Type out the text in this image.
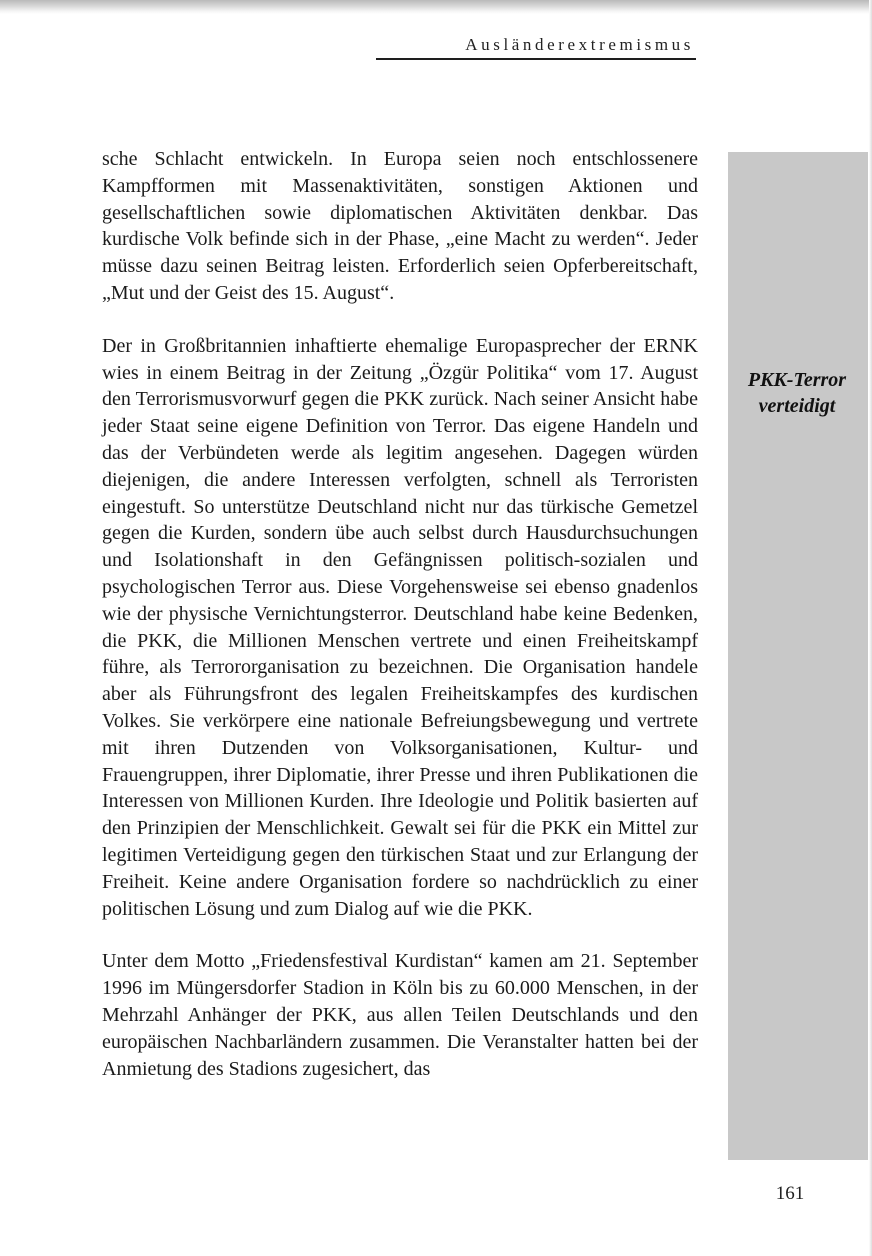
Ausländerextremismus
PKK-Terror
verteidigt

sche Schlacht entwickeln. In Europa seien noch entschlossenere Kampfformen mit Massenaktivitäten, sonstigen Aktionen und gesellschaftlichen sowie diplomatischen Aktivitäten denkbar. Das kurdische Volk befinde sich in der Phase, „eine Macht zu werden“. Jeder müsse dazu seinen Beitrag leisten. Erforderlich seien Opferbereitschaft, „Mut und der Geist des 15. August“.

Der in Großbritannien inhaftierte ehemalige Europasprecher der ERNK wies in einem Beitrag in der Zeitung „Özgür Politika“ vom 17. August den Terrorismusvorwurf gegen die PKK zurück. Nach seiner Ansicht habe jeder Staat seine eigene Definition von Terror. Das eigene Handeln und das der Verbündeten werde als legitim angesehen. Dagegen würden diejenigen, die andere Interessen verfolgten, schnell als Terroristen eingestuft. So unterstütze Deutschland nicht nur das türkische Gemetzel gegen die Kurden, sondern übe auch selbst durch Hausdurchsuchungen und Isolationshaft in den Gefängnissen politisch-sozialen und psychologischen Terror aus. Diese Vorgehensweise sei ebenso gnadenlos wie der physische Vernichtungsterror. Deutschland habe keine Bedenken, die PKK, die Millionen Menschen vertrete und einen Freiheitskampf führe, als Terrororganisation zu bezeichnen. Die Organisation handele aber als Führungsfront des legalen Freiheitskampfes des kurdischen Volkes. Sie verkörpere eine nationale Befreiungsbewegung und vertrete mit ihren Dutzenden von Volksorganisationen, Kultur- und Frauengruppen, ihrer Diplomatie, ihrer Presse und ihren Publikationen die Interessen von Millionen Kurden. Ihre Ideologie und Politik basierten auf den Prinzipien der Menschlichkeit. Gewalt sei für die PKK ein Mittel zur legitimen Verteidigung gegen den türkischen Staat und zur Erlangung der Freiheit. Keine andere Organisation fordere so nachdrücklich zu einer politischen Lösung und zum Dialog auf wie die PKK.

Unter dem Motto „Friedensfestival Kurdistan“ kamen am 21. September 1996 im Müngersdorfer Stadion in Köln bis zu 60.000 Menschen, in der Mehrzahl Anhänger der PKK, aus allen Teilen Deutschlands und den europäischen Nachbarländern zusammen. Die Veranstalter hatten bei der Anmietung des Stadions zugesichert, das

161
